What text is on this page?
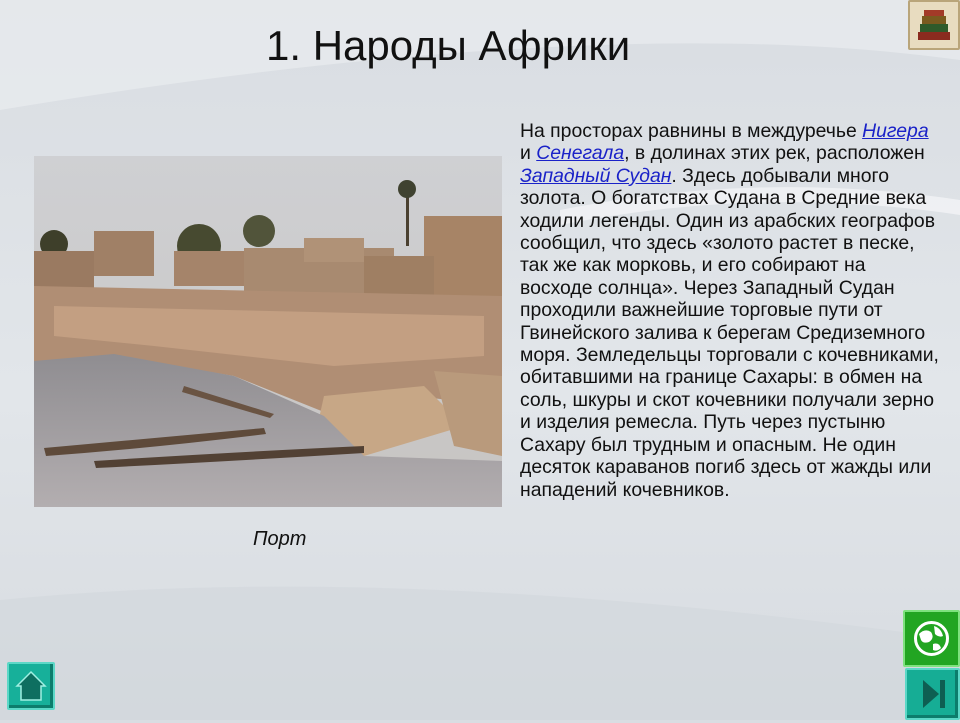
1. Народы Африки
Порт
На просторах равнины в междуречье Нигера и Сенегала, в долинах этих рек, расположен Западный Судан. Здесь добывали много золота. О богатствах Судана в Средние века ходили легенды. Один из арабских географов сообщил, что здесь «золото растет в песке, так же как морковь, и его собирают на восходе солнца». Через Западный Судан проходили важнейшие торговые пути от Гвинейского залива к берегам Средиземного моря. Земледельцы торговали с кочевниками, обитавшими на границе Сахары: в обмен на соль, шкуры и скот кочевники получали зерно и изделия ремесла. Путь через пустыню Сахару был трудным и опасным. Не один десяток караванов погиб здесь от жажды или нападений кочевников.
